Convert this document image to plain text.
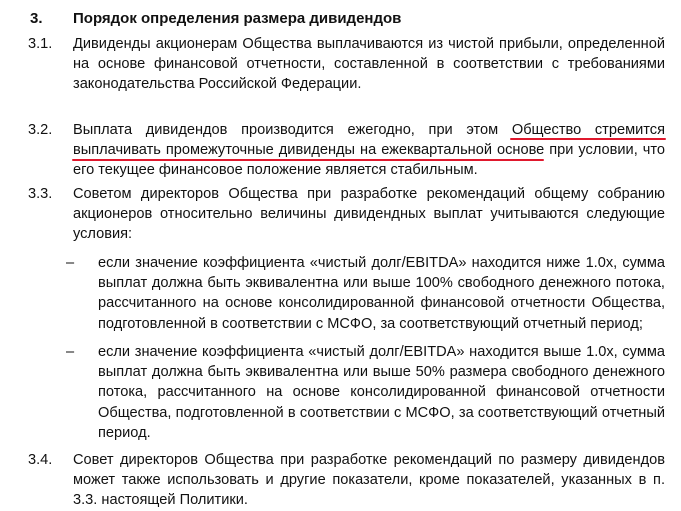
3. Порядок определения размера дивидендов
3.1. Дивиденды акционерам Общества выплачиваются из чистой прибыли, определенной на основе финансовой отчетности, составленной в соответствии с требованиями законодательства Российской Федерации.
3.2. Выплата дивидендов производится ежегодно, при этом Общество стремится выплачивать промежуточные дивиденды на ежеквартальной основе при условии, что его текущее финансовое положение является стабильным.
3.3. Советом директоров Общества при разработке рекомендаций общему собранию акционеров относительно величины дивидендных выплат учитываются следующие условия:
– если значение коэффициента «чистый долг/EBITDA» находится ниже 1.0х, сумма выплат должна быть эквивалентна или выше 100% свободного денежного потока, рассчитанного на основе консолидированной финансовой отчетности Общества, подготовленной в соответствии с МСФО, за соответствующий отчетный период;
– если значение коэффициента «чистый долг/EBITDA» находится выше 1.0х, сумма выплат должна быть эквивалентна или выше 50% размера свободного денежного потока, рассчитанного на основе консолидированной финансовой отчетности Общества, подготовленной в соответствии с МСФО, за соответствующий отчетный период.
3.4. Совет директоров Общества при разработке рекомендаций по размеру дивидендов может также использовать и другие показатели, кроме показателей, указанных в п. 3.3. настоящей Политики.
